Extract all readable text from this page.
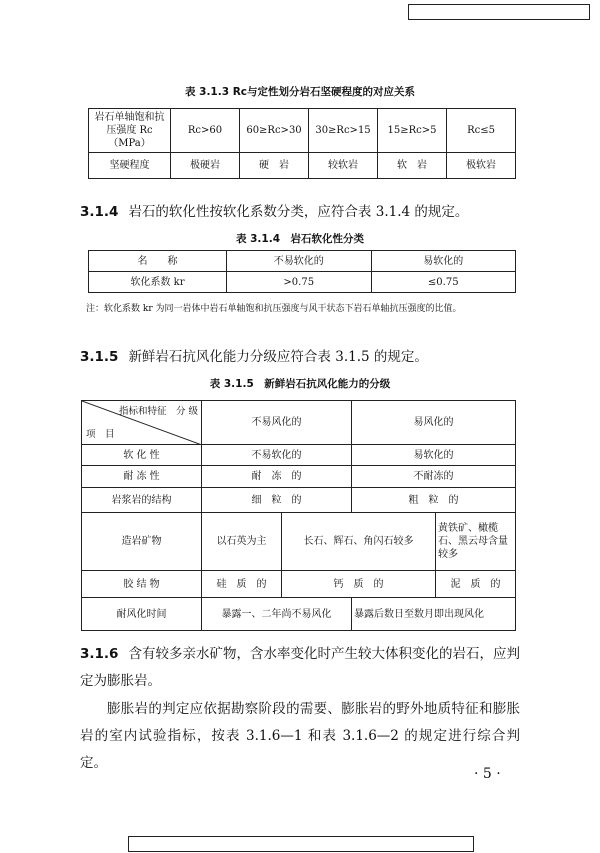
表 3.1.3 Rc与定性划分岩石坚硬程度的对应关系
岩石单轴饱和抗压强度 Rc（MPa）	Rc>60	60≥Rc>30	30≥Rc>15	15≥Rc>5	Rc≤5
坚硬程度	极硬岩	硬　岩	较软岩	软　岩	极软岩
3.1.4 岩石的软化性按软化系数分类，应符合表 3.1.4 的规定。
表 3.1.4　岩石软化性分类
名　　称	不易软化的	易软化的
软化系数 kr	>0.75	≤0.75
注：软化系数 kr 为同一岩体中岩石单轴饱和抗压强度与风干状态下岩石单轴抗压强度的比值。
3.1.5 新鲜岩石抗风化能力分级应符合表 3.1.5 的规定。
表 3.1.5　新鲜岩石抗风化能力的分级
指标和特征　分 级
项　目	不易风化的		易风化的	
软 化 性	不易软化的		易软化的	
耐 冻 性	耐　冻　的		不耐冻的	
岩浆岩的结构	细　粒　的		粗　粒　的	
造岩矿物	以石英为主	长石、辉石、角闪石较多		黄铁矿、橄榄石、黑云母含量较多
胶 结 物	硅　质　的	钙　质　的		泥　质　的
耐风化时间	暴露一、二年尚不易风化		暴露后数日至数月即出现风化	
3.1.6 含有较多亲水矿物，含水率变化时产生较大体积变化的岩石，应判定为膨胀岩。
膨胀岩的判定应依据勘察阶段的需要、膨胀岩的野外地质特征和膨胀岩的室内试验指标，按表 3.1.6—1 和表 3.1.6—2 的规定进行综合判定。
· 5 ·
